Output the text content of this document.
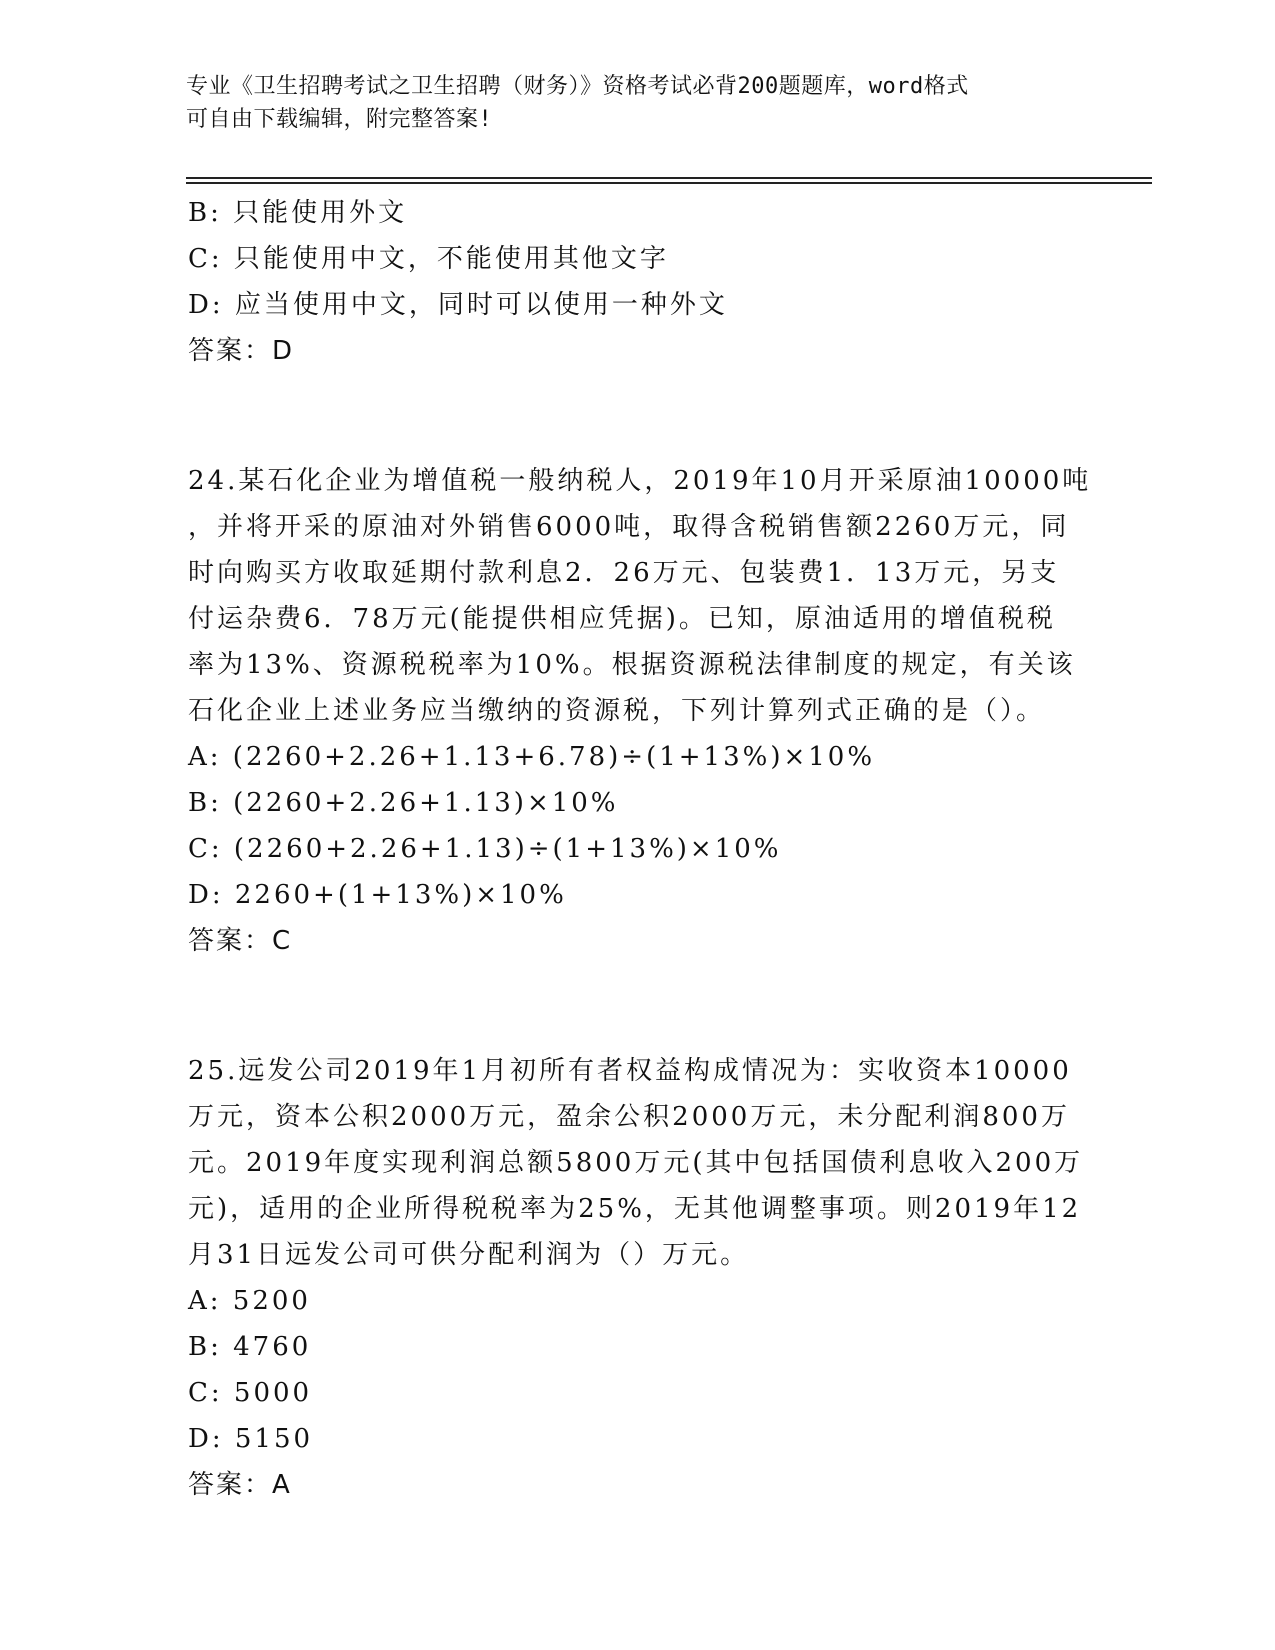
专业《卫生招聘考试之卫生招聘（财务）》资格考试必背200题题库，word格式
可自由下载编辑，附完整答案!
B: 只能使用外文
C: 只能使用中文，不能使用其他文字
D: 应当使用中文，同时可以使用一种外文
答案：D
24.某石化企业为增值税一般纳税人，2019年10月开采原油10000吨
，并将开采的原油对外销售6000吨，取得含税销售额2260万元，同
时向购买方收取延期付款利息2．26万元、包装费1．13万元，另支
付运杂费6．78万元(能提供相应凭据)。已知，原油适用的增值税税
率为13%、资源税税率为10%。根据资源税法律制度的规定，有关该
石化企业上述业务应当缴纳的资源税，下列计算列式正确的是（）。
A: (2260+2.26+1.13+6.78)÷(1+13%)×10%
B: (2260+2.26+1.13)×10%
C: (2260+2.26+1.13)÷(1+13%)×10%
D: 2260+(1+13%)×10%
答案：C
25.远发公司2019年1月初所有者权益构成情况为：实收资本10000
万元，资本公积2000万元，盈余公积2000万元，未分配利润800万
元。2019年度实现利润总额5800万元(其中包括国债利息收入200万
元)，适用的企业所得税税率为25%，无其他调整事项。则2019年12
月31日远发公司可供分配利润为（）万元。
A: 5200
B: 4760
C: 5000
D: 5150
答案：A
